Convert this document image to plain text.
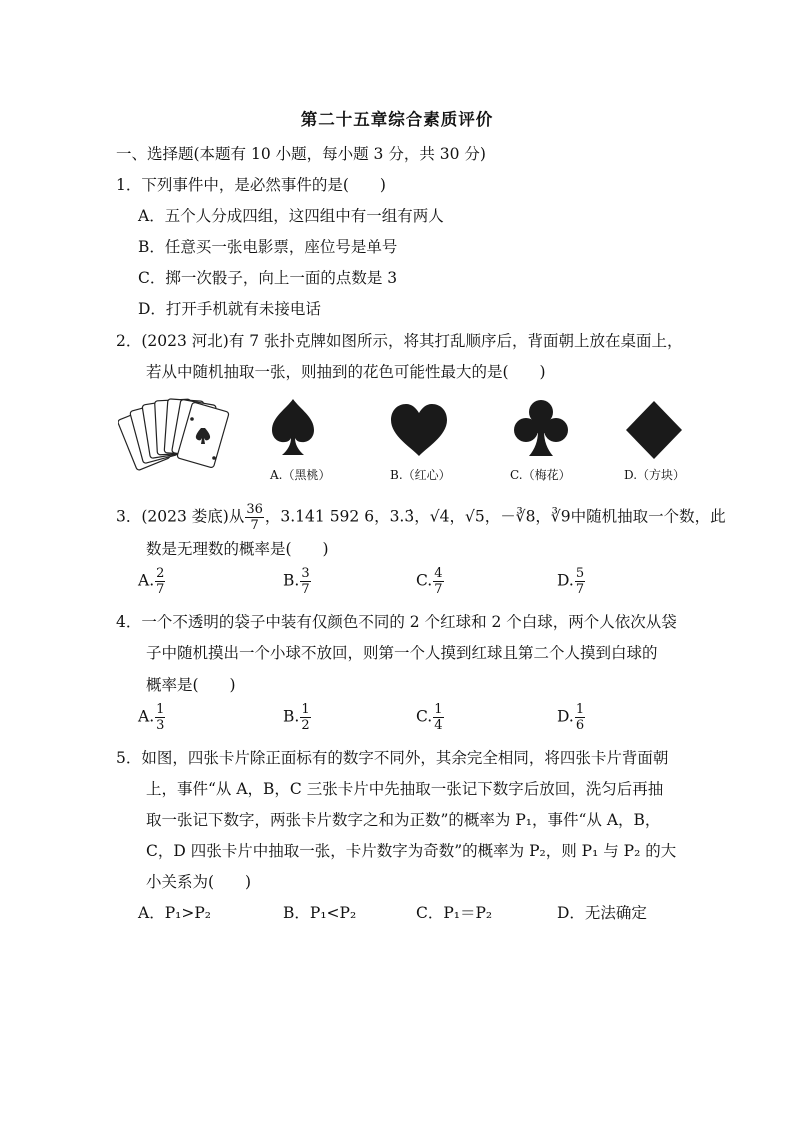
第二十五章综合素质评价
一、选择题(本题有 10 小题，每小题 3 分，共 30 分)
1．下列事件中，是必然事件的是(　　)
A．五个人分成四组，这四组中有一组有两人
B．任意买一张电影票，座位号是单号
C．掷一次骰子，向上一面的点数是 3
D．打开手机就有未接电话
2．(2023 河北)有 7 张扑克牌如图所示，将其打乱顺序后，背面朝上放在桌面上，
若从中随机抽取一张，则抽到的花色可能性最大的是(　　)
A.（黑桃）	B.（红心）	C.（梅花）	D.（方块）
3．(2023 娄底)从 $\frac{36}{7}$ ，3.141 592 6，3.3̇，√4，√5，－∛8，∛9中随机抽取一个数，此
数是无理数的概率是(　　)
A. $\frac{2}{7}$	B. $\frac{3}{7}$	C. $\frac{4}{7}$	D. $\frac{5}{7}$
4．一个不透明的袋子中装有仅颜色不同的 2 个红球和 2 个白球，两个人依次从袋
子中随机摸出一个小球不放回，则第一个人摸到红球且第二个人摸到白球的
概率是(　　)
A. $\frac{1}{3}$	B. $\frac{1}{2}$	C. $\frac{1}{4}$	D. $\frac{1}{6}$
5．如图，四张卡片除正面标有的数字不同外，其余完全相同，将四张卡片背面朝
上，事件“从 A，B，C 三张卡片中先抽取一张记下数字后放回，洗匀后再抽
取一张记下数字，两张卡片数字之和为正数”的概率为 P₁，事件“从 A，B，
C，D 四张卡片中抽取一张，卡片数字为奇数”的概率为 P₂，则 P₁ 与 P₂ 的大
小关系为(　　)
A．P₁>P₂	B．P₁<P₂	C．P₁＝P₂	D．无法确定
